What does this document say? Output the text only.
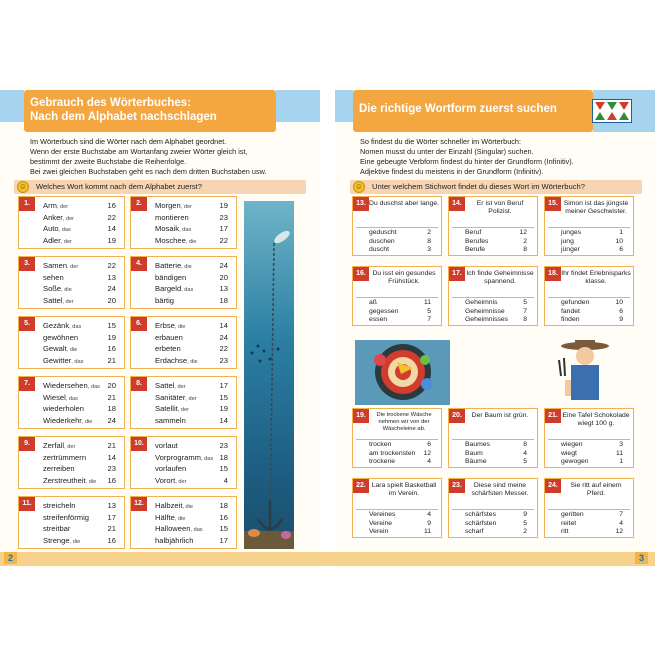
Gebrauch des Wörterbuches:
Nach dem Alphabet nachschlagen
Die richtige Wortform zuerst suchen
Im Wörterbuch sind die Wörter nach dem Alphabet geordnet.
Wenn der erste Buchstabe am Wortanfang zweier Wörter gleich ist,
bestimmt der zweite Buchstabe die Reihenfolge.
Bei zwei gleichen Buchstaben geht es nach dem dritten Buchstaben usw.
☺ Welches Wort kommt nach dem Alphabet zuerst?
1.	Arm, der	16
Anker, der	22
Auto, das	14
Adler, der	19
2.	Morgen, der	19
montieren	23
Mosaik, das	17
Moschee, die	22
3.	Samen, der	22
sehen	13
Soße, die	24
Sattel, der	20
4.	Batterie, die	24
bändigen	20
Bargeld, das	13
bärtig	18
5.	Gezänk, das	15
gewöhnen	19
Gewalt, die	16
Gewitter, das	21
6.	Erbse, die	14
erbauen	24
erbeten	22
Erdachse, die	23
7.	Wiedersehen, das 20
Wiesel, das	21
wiederholen	18
Wiederkehr, die 24
8.	Sattel, der	17
Sanitäter, der	15
Satellit, der	19
sammeln	14
9.	Zerfall, der	21
zertrümmern	14
zerreiben	23
Zerstreutheit, die 16
10.	vorlaut	23
Vorprogramm, das 18
vorlaufen	15
Vorort, der	4
11.	streicheln	13
streifenförmig 17
streitbar	21
Strenge, die	16
12.	Halbzeit, die	18
Hälfte, die	16
Halloween, das 15
halbjährlich	17
2
So findest du die Wörter schneller im Wörterbuch:
Nomen musst du unter der Einzahl (Singular) suchen.
Eine gebeugte Verbform findest du hinter der Grundform (Infinitiv).
Adjektive findest du meistens in der Grundform (Infinitiv).
☺ Unter welchem Stichwort findet du dieses Wort im Wörterbuch?
13. Du duschst aber lange.
geduscht	2
duschen	8
duscht	3
14.	Er ist von Beruf Polizist.
Beruf	12
Berufes	2
Berufe	8
15. Simon ist das jüngste meiner Geschwister.
junges	1
jung	10
jünger	6
16. Du isst ein gesundes Frühstück.
aß	11
gegessen	5
essen	7
17. Ich finde Geheimnisse spannend.
Geheimnis	5
Geheimnisse	7
Geheimnisses 8
18. Ihr findet Erlebnisparks klasse.
gefunden	10
fandet	6
finden	9
19.	Die trockene Wäsche nehmen wir von der Wäscheleine ab.
trocken	6
am trockensten 12
trockene	4
20.	Der Baum ist grün.
Baumes	8
Baum	4
Bäume	5
21. Eine Tafel Schokolade wiegt 100 g.
wiegen	3
wiegt	11
gewogen	1
22. Lara spielt Basketball im Verein.
Vereines	4
Vereine	9
Verein	11
23.	Diese sind meine schärfsten Messer.
schärfstes	9
schärfsten	5
scharf	2
24.	Sie ritt auf einem Pferd.
geritten	7
reitet	4
ritt	12
3
